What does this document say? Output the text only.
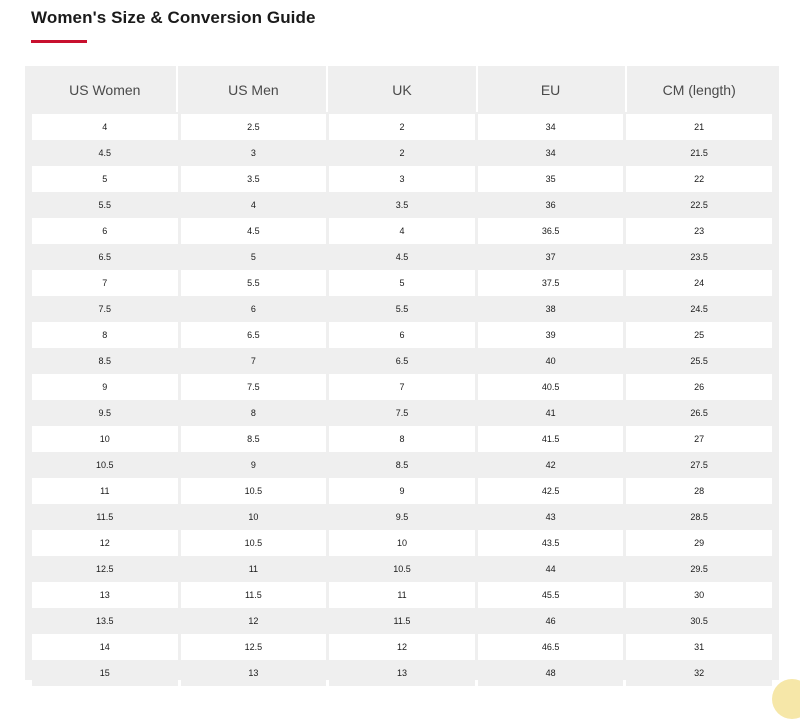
Women's Size & Conversion Guide
US Women	US Men	UK	EU	CM (length)
4	2.5	2	34	21
4.5	3	2	34	21.5
5	3.5	3	35	22
5.5	4	3.5	36	22.5
6	4.5	4	36.5	23
6.5	5	4.5	37	23.5
7	5.5	5	37.5	24
7.5	6	5.5	38	24.5
8	6.5	6	39	25
8.5	7	6.5	40	25.5
9	7.5	7	40.5	26
9.5	8	7.5	41	26.5
10	8.5	8	41.5	27
10.5	9	8.5	42	27.5
11	10.5	9	42.5	28
11.5	10	9.5	43	28.5
12	10.5	10	43.5	29
12.5	11	10.5	44	29.5
13	11.5	11	45.5	30
13.5	12	11.5	46	30.5
14	12.5	12	46.5	31
15	13	13	48	32
